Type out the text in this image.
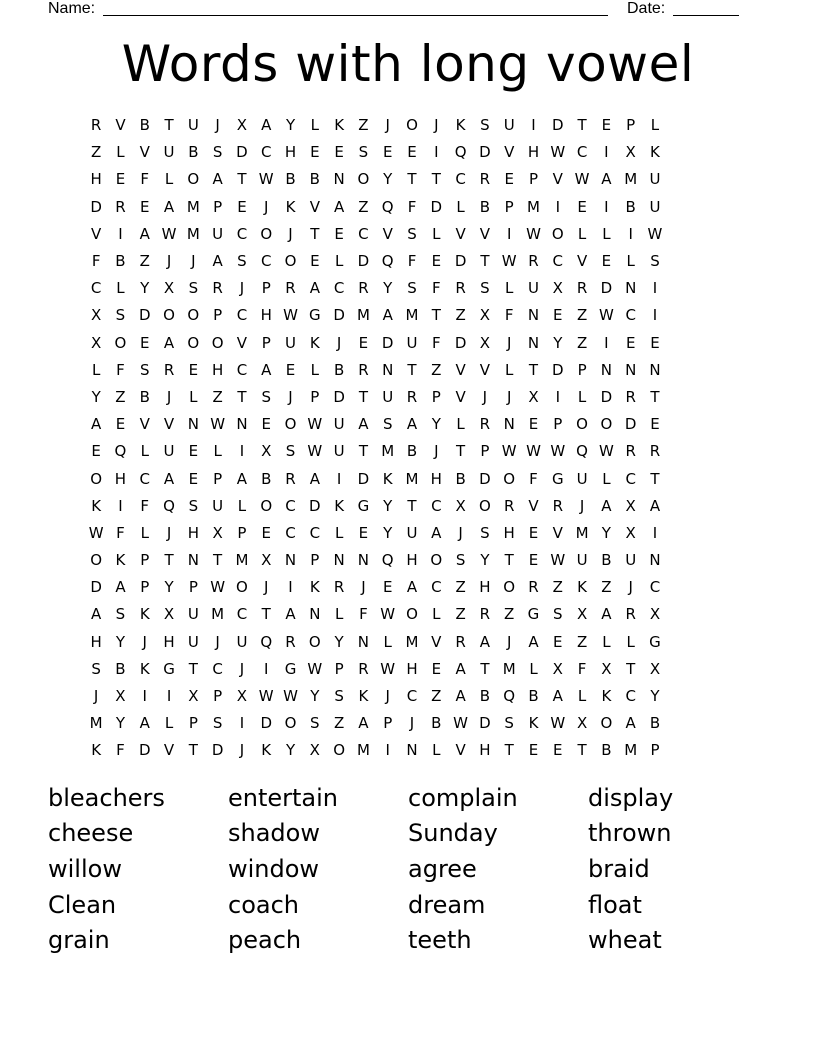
Name:	Date:
Words with long vowel
R V B T U	J	X A Y	L	K Z	J	O	J	K S U	I	D T E	P	L
Z L V U B S D C H E E S E E	I	Q D V H W C	I	X K
H E	F	L O A T W B B N O Y	T	T C R E	P V W A M U
D R E A M P	E	J	K V A Z Q F D L B P M	I	E	I	B U
V	I	A W M U C O	J	T E C V S	L V V	I W O L	L	I W
F B Z	J	J	A S C O E	L D Q F	E D T W R C V E	L	S
C L	Y X S R	J	P R A C R Y S	F R S	L U X R D N	I
X S D O O P C H W G D M A M T Z X F N E Z W C	I
X O E A O O V P U K	J	E D U F D X	J	N Y Z	I	E E
L	F	S R E H C A E	L B R N T Z V V L	T D P N N N
Y Z B	J	L Z T S	J	P D T U R P V	J	J	X	I	L D R T
A E V V N W N E O W U A S A Y	L R N E	P O O D E
E Q L U E	L	I	X S W U T M B	J	T	P W W W Q W R R
O H C A E	P A B R A	I	D K M H B D O F G U L C T
K	I	F Q S U L O C D K G Y	T C X O R V R	J	A X A
W F	L	J	H X P	E C C L	E Y U A	J	S H E V M Y X	I
O K P	T N T M X N P N N Q H O S Y	T E W U B U N
D A P	Y	P W O	J	I	K R	J	E A C Z H O R Z K Z	J	C
A S K X U M C T A N L	F W O L Z R Z G S X A R X
H Y	J	H U	J	U Q R O Y N L M V R A	J	A E Z L	L G
S B K G T C	J	I	G W P R W H E A T M L X F X T X
J	X	I	I	X P X W W Y S K	J	C Z A B Q B A L	K C Y
M Y A L	P	S	I	D O S Z A P	J	B W D S K W X O A B
K	F D V T D	J	K Y X O M	I	N L V H T E E T B M P
bleachers	entertain	complain	display
cheese	shadow	Sunday	thrown
willow	window	agree	braid
Clean	coach	dream	float
grain	peach	teeth	wheat
